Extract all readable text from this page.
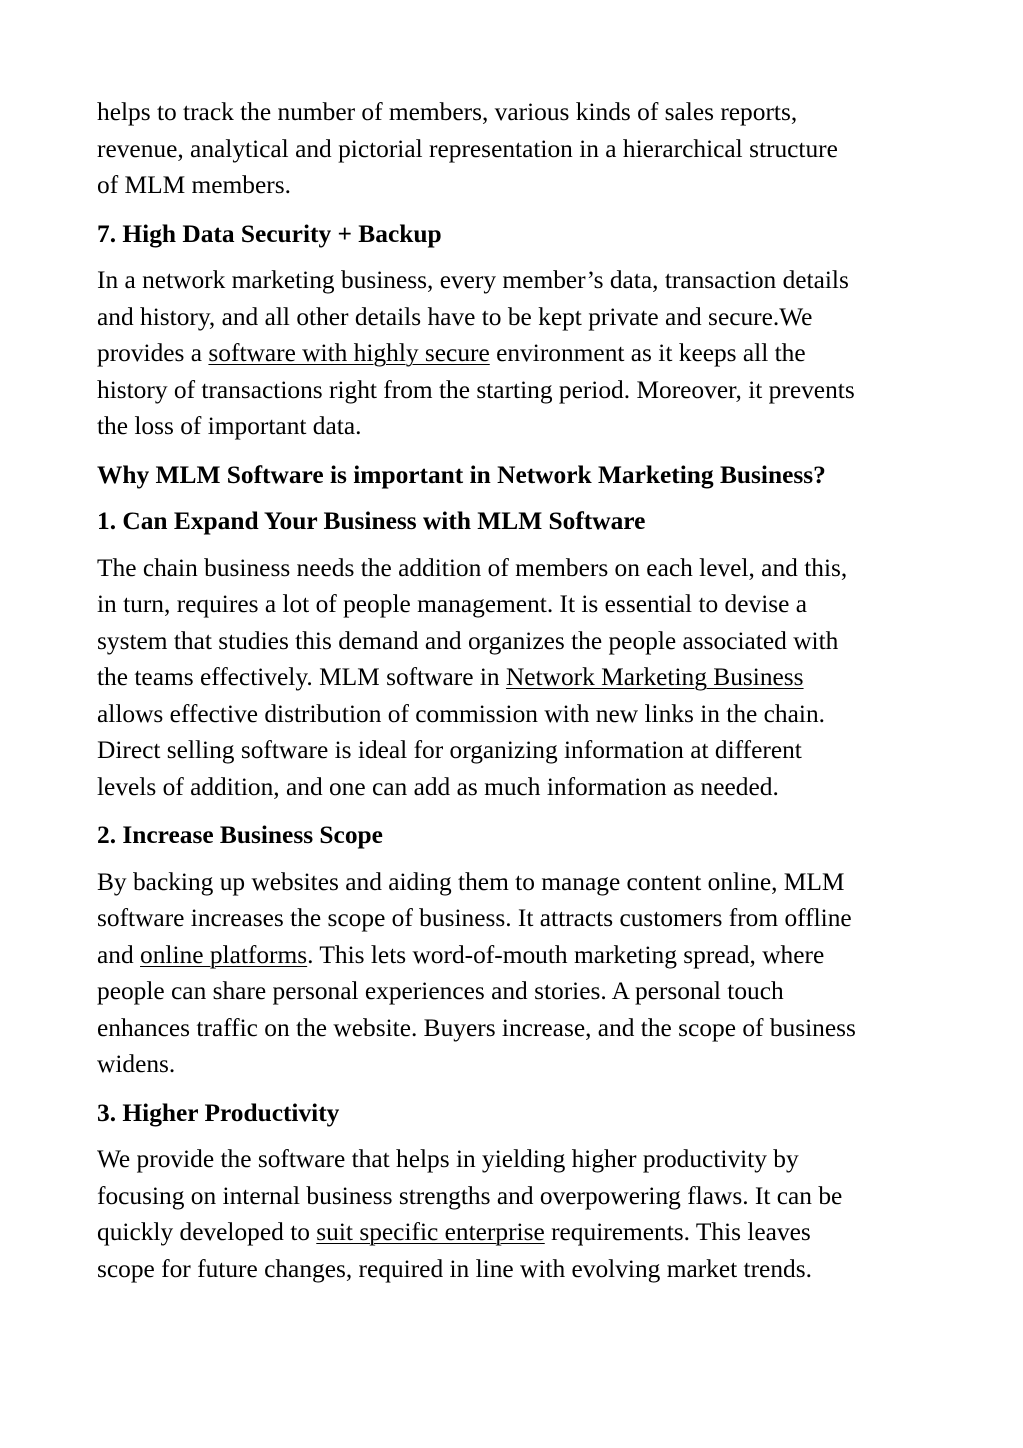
helps to track the number of members, various kinds of sales reports,
revenue, analytical and pictorial representation in a hierarchical structure
of MLM members.

7. High Data Security + Backup

In a network marketing business, every member’s data, transaction details
and history, and all other details have to be kept private and secure.We
provides a software with highly secure environment as it keeps all the
history of transactions right from the starting period. Moreover, it prevents
the loss of important data.

Why MLM Software is important in Network Marketing Business?
1. Can Expand Your Business with MLM Software

The chain business needs the addition of members on each level, and this,
in turn, requires a lot of people management. It is essential to devise a
system that studies this demand and organizes the people associated with
the teams effectively. MLM software in Network Marketing Business
allows effective distribution of commission with new links in the chain.
Direct selling software is ideal for organizing information at different
levels of addition, and one can add as much information as needed.

2. Increase Business Scope

By backing up websites and aiding them to manage content online, MLM
software increases the scope of business. It attracts customers from offline
and online platforms. This lets word-of-mouth marketing spread, where
people can share personal experiences and stories. A personal touch
enhances traffic on the website. Buyers increase, and the scope of business
widens.

3. Higher Productivity

We provide the software that helps in yielding higher productivity by
focusing on internal business strengths and overpowering flaws. It can be
quickly developed to suit specific enterprise requirements. This leaves
scope for future changes, required in line with evolving market trends.
